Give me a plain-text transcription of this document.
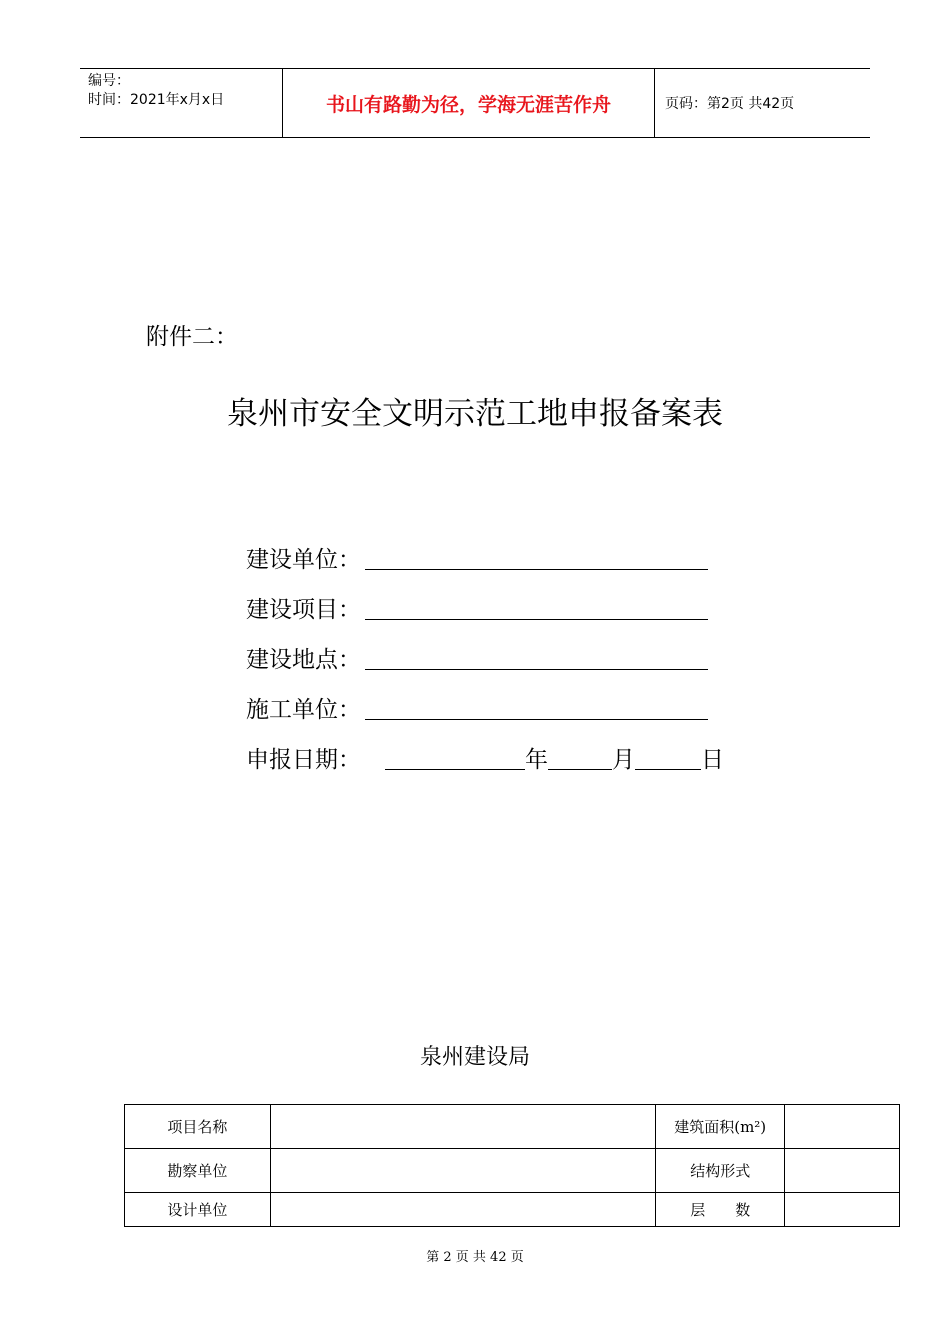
编号：
时间：2021年x月x日	书山有路勤为径，学海无涯苦作舟	页码：第2页 共42页
附件二：
泉州市安全文明示范工地申报备案表
建设单位：
建设项目：
建设地点：
施工单位：
申报日期：	年	月	日
泉州建设局
项目名称		建筑面积(m²)	
勘察单位		结构形式	
设计单位		层　　数	
第 2 页 共 42 页
